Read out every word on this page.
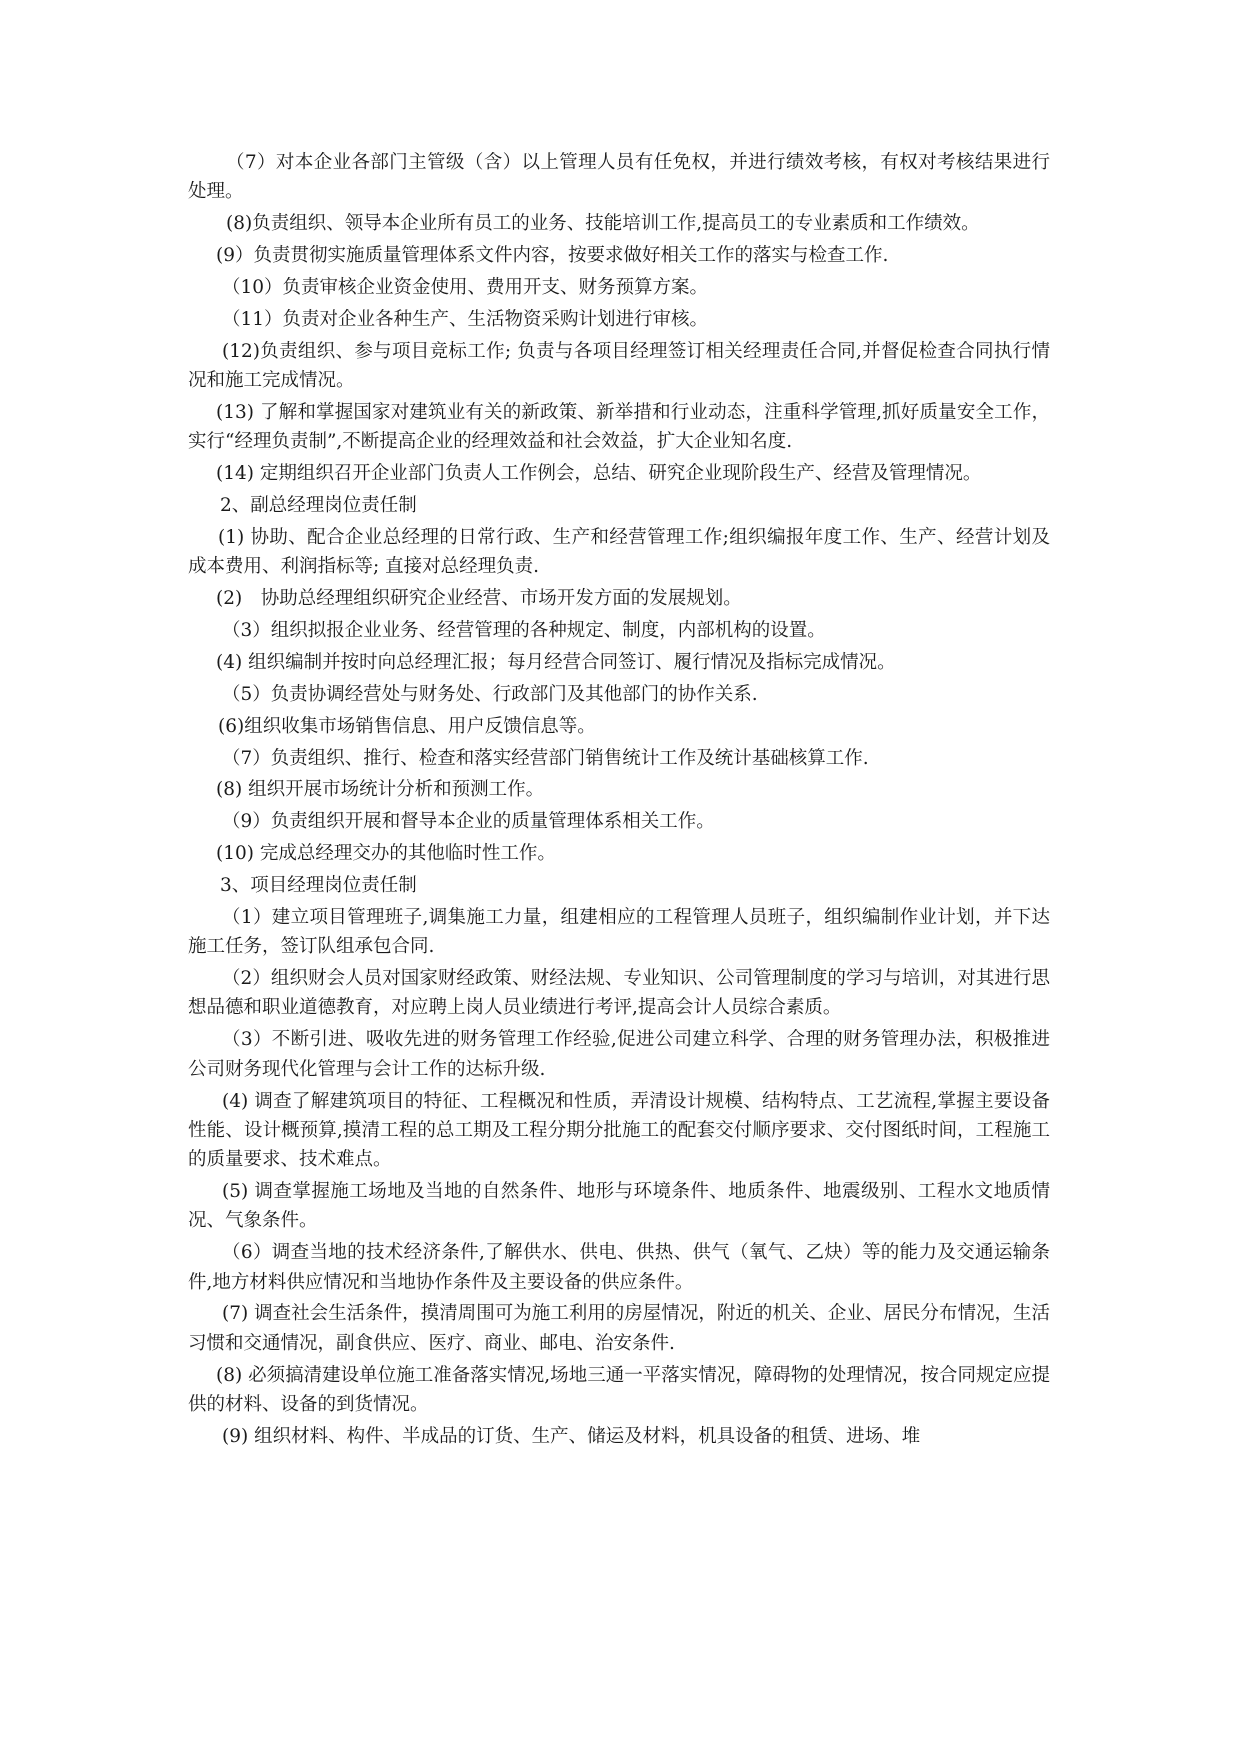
（7）对本企业各部门主管级（含）以上管理人员有任免权，并进行绩效考核，有权对考核结果进行处理。

(8)负责组织、领导本企业所有员工的业务、技能培训工作,提高员工的专业素质和工作绩效。

(9）负责贯彻实施质量管理体系文件内容，按要求做好相关工作的落实与检查工作.

（10）负责审核企业资金使用、费用开支、财务预算方案。

（11）负责对企业各种生产、生活物资采购计划进行审核。

(12)负责组织、参与项目竞标工作; 负责与各项目经理签订相关经理责任合同,并督促检查合同执行情况和施工完成情况。

(13) 了解和掌握国家对建筑业有关的新政策、新举措和行业动态，注重科学管理,抓好质量安全工作，实行“经理负责制”,不断提高企业的经理效益和社会效益，扩大企业知名度.

(14) 定期组织召开企业部门负责人工作例会，总结、研究企业现阶段生产、经营及管理情况。

2、副总经理岗位责任制

(1) 协助、配合企业总经理的日常行政、生产和经营管理工作;组织编报年度工作、生产、经营计划及成本费用、利润指标等; 直接对总经理负责.

(2)　协助总经理组织研究企业经营、市场开发方面的发展规划。

（3）组织拟报企业业务、经营管理的各种规定、制度，内部机构的设置。

(4) 组织编制并按时向总经理汇报；每月经营合同签订、履行情况及指标完成情况。

（5）负责协调经营处与财务处、行政部门及其他部门的协作关系.

(6)组织收集市场销售信息、用户反馈信息等。

（7）负责组织、推行、检查和落实经营部门销售统计工作及统计基础核算工作.

(8) 组织开展市场统计分析和预测工作。

（9）负责组织开展和督导本企业的质量管理体系相关工作。

(10) 完成总经理交办的其他临时性工作。

3、项目经理岗位责任制

（1）建立项目管理班子,调集施工力量，组建相应的工程管理人员班子，组织编制作业计划，并下达施工任务，签订队组承包合同.

（2）组织财会人员对国家财经政策、财经法规、专业知识、公司管理制度的学习与培训，对其进行思想品德和职业道德教育，对应聘上岗人员业绩进行考评,提高会计人员综合素质。

（3）不断引进、吸收先进的财务管理工作经验,促进公司建立科学、合理的财务管理办法，积极推进公司财务现代化管理与会计工作的达标升级.

(4) 调查了解建筑项目的特征、工程概况和性质，弄清设计规模、结构特点、工艺流程,掌握主要设备性能、设计概预算,摸清工程的总工期及工程分期分批施工的配套交付顺序要求、交付图纸时间，工程施工的质量要求、技术难点。

(5) 调查掌握施工场地及当地的自然条件、地形与环境条件、地质条件、地震级别、工程水文地质情况、气象条件。

（6）调查当地的技术经济条件,了解供水、供电、供热、供气（氧气、乙炔）等的能力及交通运输条件,地方材料供应情况和当地协作条件及主要设备的供应条件。

(7) 调查社会生活条件，摸清周围可为施工利用的房屋情况，附近的机关、企业、居民分布情况，生活习惯和交通情况，副食供应、医疗、商业、邮电、治安条件.

(8) 必须搞清建设单位施工准备落实情况,场地三通一平落实情况，障碍物的处理情况，按合同规定应提供的材料、设备的到货情况。

(9) 组织材料、构件、半成品的订货、生产、储运及材料，机具设备的租赁、进场、堆
